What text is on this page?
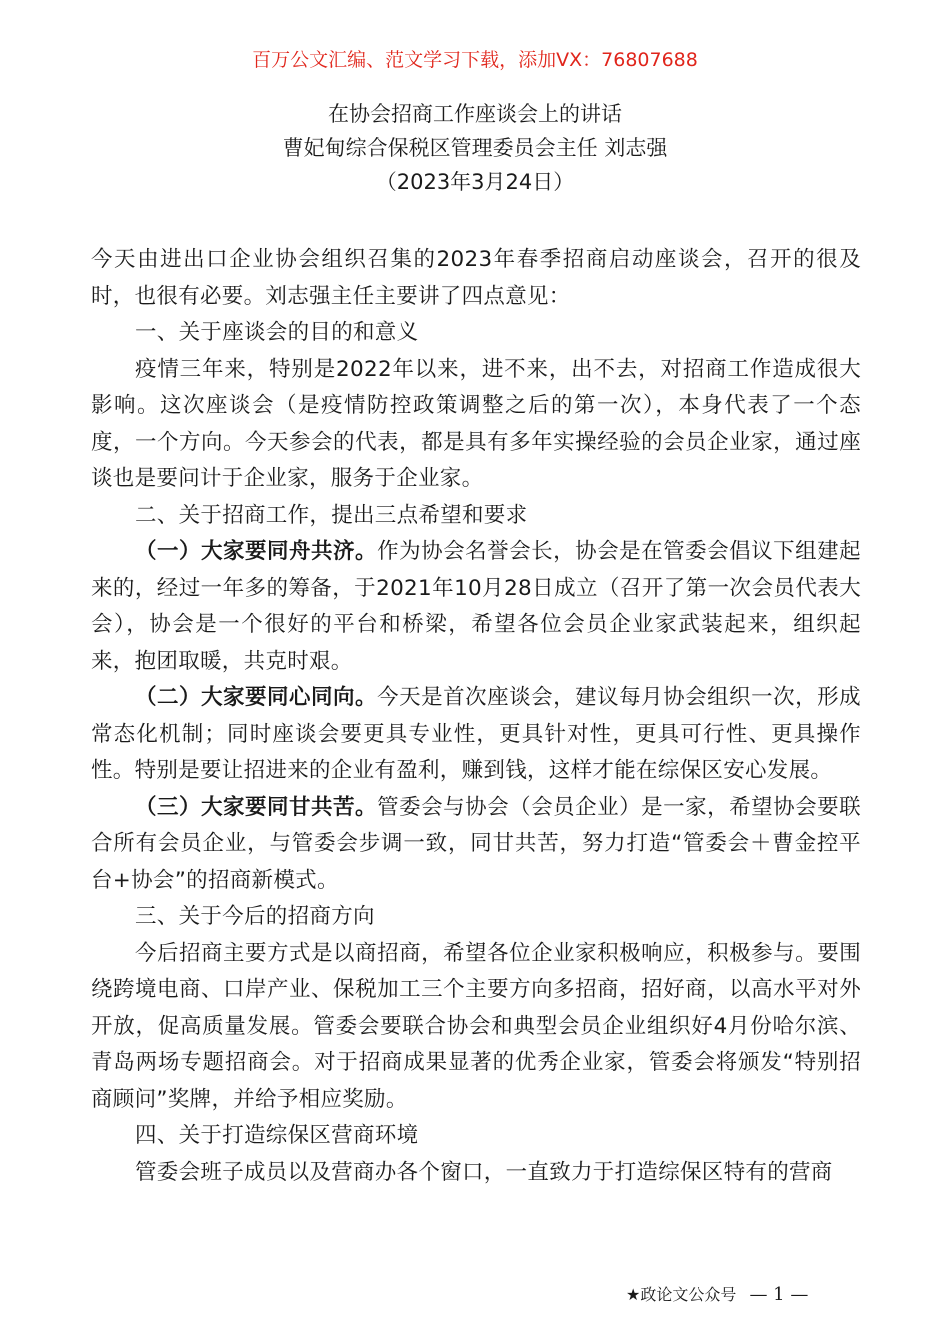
百万公文汇编、范文学习下载，添加VX：76807688
在协会招商工作座谈会上的讲话
曹妃甸综合保税区管理委员会主任 刘志强
（2023年3月24日）

今天由进出口企业协会组织召集的2023年春季招商启动座谈会，召开的很及时，也很有必要。刘志强主任主要讲了四点意见：

一、关于座谈会的目的和意义

疫情三年来，特别是2022年以来，进不来，出不去，对招商工作造成很大影响。这次座谈会（是疫情防控政策调整之后的第一次），本身代表了一个态度，一个方向。今天参会的代表，都是具有多年实操经验的会员企业家，通过座谈也是要问计于企业家，服务于企业家。

二、关于招商工作，提出三点希望和要求

（一）大家要同舟共济。作为协会名誉会长，协会是在管委会倡议下组建起来的，经过一年多的筹备，于2021年10月28日成立（召开了第一次会员代表大会），协会是一个很好的平台和桥梁，希望各位会员企业家武装起来，组织起来，抱团取暖，共克时艰。

（二）大家要同心同向。今天是首次座谈会，建议每月协会组织一次，形成常态化机制；同时座谈会要更具专业性，更具针对性，更具可行性、更具操作性。特别是要让招进来的企业有盈利，赚到钱，这样才能在综保区安心发展。

（三）大家要同甘共苦。管委会与协会（会员企业）是一家，希望协会要联合所有会员企业，与管委会步调一致，同甘共苦，努力打造“管委会＋曹金控平台+协会”的招商新模式。

三、关于今后的招商方向

今后招商主要方式是以商招商，希望各位企业家积极响应，积极参与。要围绕跨境电商、口岸产业、保税加工三个主要方向多招商，招好商，以高水平对外开放，促高质量发展。管委会要联合协会和典型会员企业组织好4月份哈尔滨、青岛两场专题招商会。对于招商成果显著的优秀企业家，管委会将颁发“特别招商顾问”奖牌，并给予相应奖励。

四、关于打造综保区营商环境

管委会班子成员以及营商办各个窗口，一直致力于打造综保区特有的营商

★政论文公众号 — 1 —
